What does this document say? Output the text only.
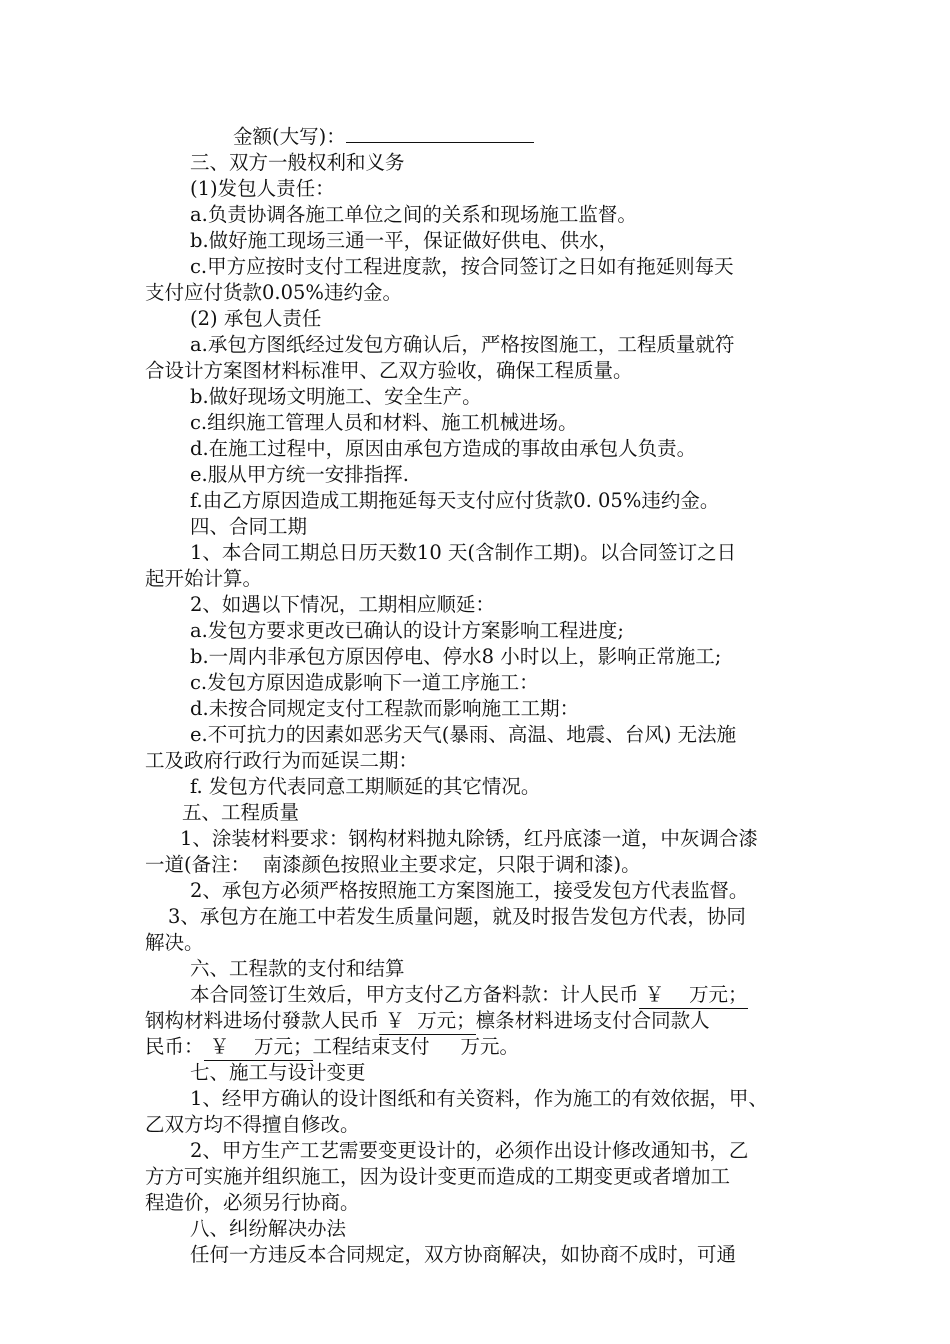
金额(大写)：
三、双方一般权利和义务
(1)发包人责任：
a.负责协调各施工单位之间的关系和现场施工监督。
b.做好施工现场三通一平，保证做好供电、供水，
c.甲方应按时支付工程进度款，按合同签订之日如有拖延则每天
支付应付货款0.05%违约金。
(2) 承包人责任
a.承包方图纸经过发包方确认后，严格按图施工，工程质量就符
合设计方案图材料标准甲、乙双方验收，确保工程质量。
b.做好现场文明施工、安全生产。
c.组织施工管理人员和材料、施工机械进场。
d.在施工过程中，原因由承包方造成的事故由承包人负责。
e.服从甲方统一安排指挥.
f.由乙方原因造成工期拖延每天支付应付货款0. 05%违约金。
四、合同工期
1、本合同工期总日历天数10 天(含制作工期)。以合同签订之日
起开始计算。
2、如遇以下情况，工期相应顺延：
a.发包方要求更改已确认的设计方案影响工程进度;
b.一周内非承包方原因停电、停水8 小时以上，影响正常施工;
c.发包方原因造成影响下一道工序施工：
d.未按合同规定支付工程款而影响施工工期：
e.不可抗力的因素如恶劣天气(暴雨、高温、地震、台风) 无法施
工及政府行政行为而延误二期：
f. 发包方代表同意工期顺延的其它情况。
五、工程质量
1、涂装材料要求：钢构材料抛丸除锈，红丹底漆一道，中灰调合漆
一道(备注：  南漆颜色按照业主要求定，只限于调和漆)。
2、承包方必须严格按照施工方案图施工，接受发包方代表监督。
3、承包方在施工中若发生质量问题，就及时报告发包方代表，协同
解决。
六、工程款的支付和结算
本合同签订生效后，甲方支付乙方备料款：计人民币 ￥    万元；
钢构材料进场付發款人民币 ￥  万元；檩条材料进场支付合同款人
民币： ￥    万元；工程结束支付     万元。
七、施工与设计变更
1、经甲方确认的设计图纸和有关资料，作为施工的有效依据，甲、
乙双方均不得擅自修改。
2、甲方生产工艺需要变更设计的，必须作出设计修改通知书，乙
方方可实施并组织施工，因为设计变更而造成的工期变更或者增加工
程造价，必须另行协商。
八、纠纷解决办法
任何一方违反本合同规定，双方协商解决，如协商不成时，可通
